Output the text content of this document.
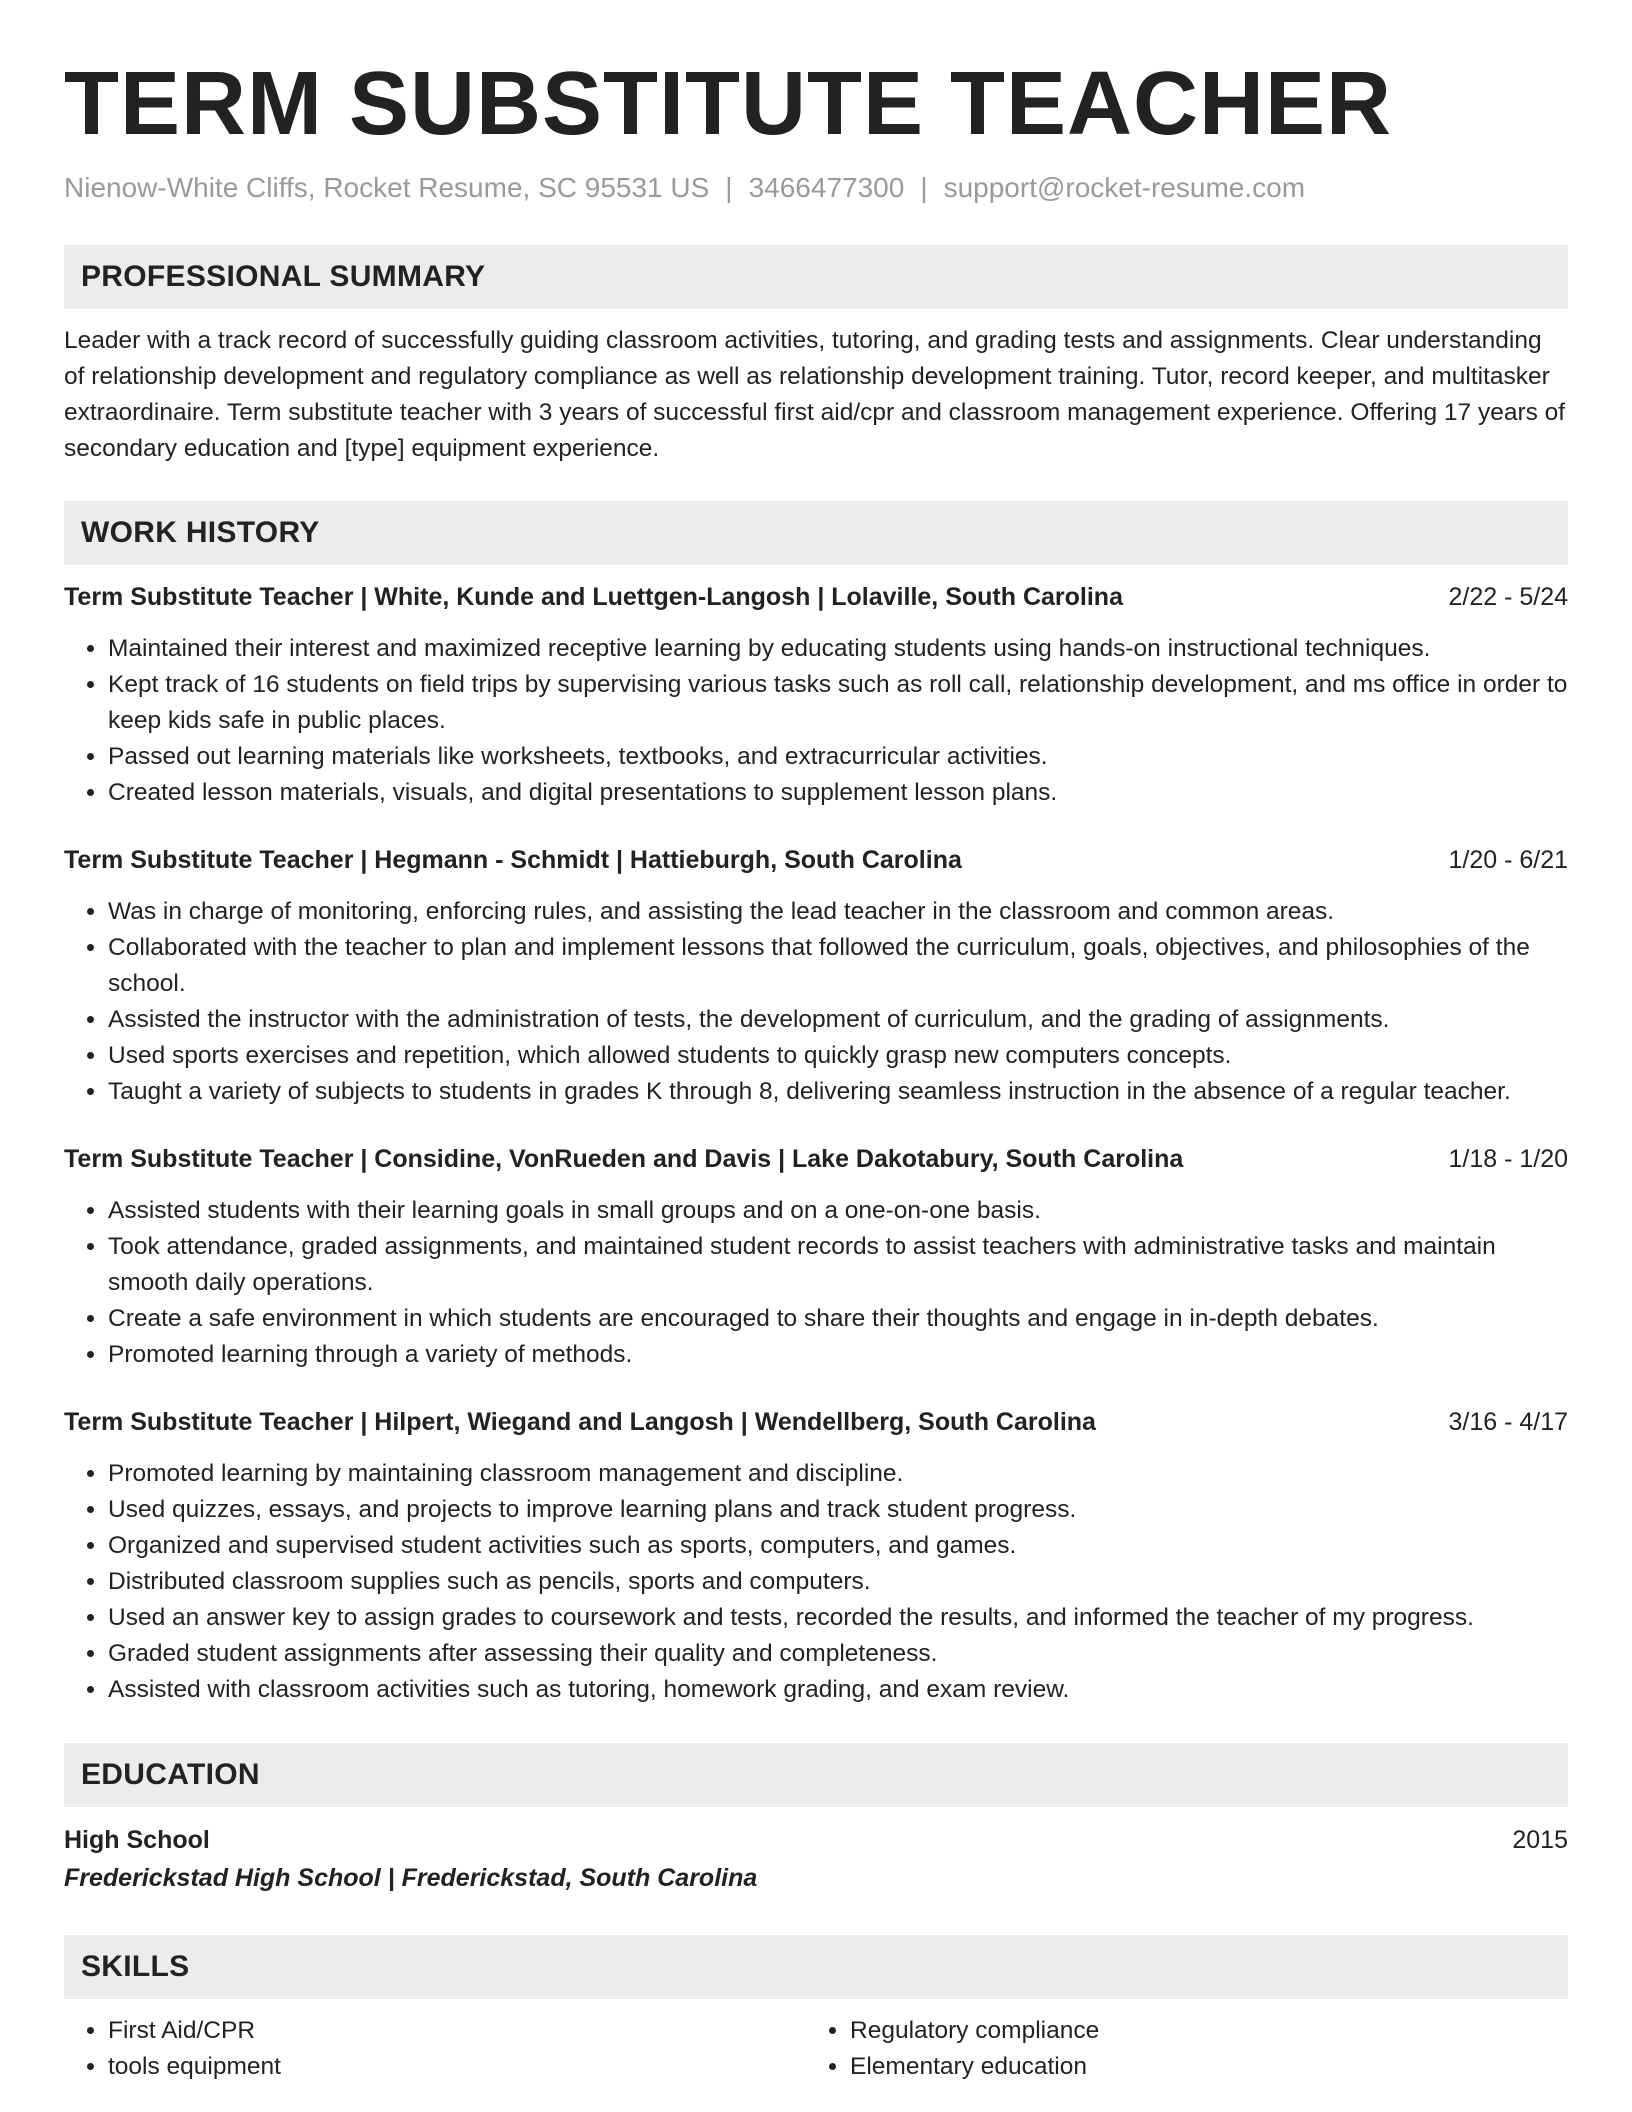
TERM SUBSTITUTE TEACHER
Nienow-White Cliffs, Rocket Resume, SC 95531 US | 3466477300 | support@rocket-resume.com
PROFESSIONAL SUMMARY

Leader with a track record of successfully guiding classroom activities, tutoring, and grading tests and assignments. Clear understanding of relationship development and regulatory compliance as well as relationship development training. Tutor, record keeper, and multitasker extraordinaire. Term substitute teacher with 3 years of successful first aid/cpr and classroom management experience. Offering 17 years of secondary education and [type] equipment experience.

WORK HISTORY
Term Substitute Teacher | White, Kunde and Luettgen-Langosh | Lolaville, South Carolina	2/22 - 5/24
• Maintained their interest and maximized receptive learning by educating students using hands-on instructional techniques.
• Kept track of 16 students on field trips by supervising various tasks such as roll call, relationship development, and ms office in order to keep kids safe in public places.
• Passed out learning materials like worksheets, textbooks, and extracurricular activities.
• Created lesson materials, visuals, and digital presentations to supplement lesson plans.
Term Substitute Teacher | Hegmann - Schmidt | Hattieburgh, South Carolina	1/20 - 6/21
• Was in charge of monitoring, enforcing rules, and assisting the lead teacher in the classroom and common areas.
• Collaborated with the teacher to plan and implement lessons that followed the curriculum, goals, objectives, and philosophies of the school.
• Assisted the instructor with the administration of tests, the development of curriculum, and the grading of assignments.
• Used sports exercises and repetition, which allowed students to quickly grasp new computers concepts.
• Taught a variety of subjects to students in grades K through 8, delivering seamless instruction in the absence of a regular teacher.
Term Substitute Teacher | Considine, VonRueden and Davis | Lake Dakotabury, South Carolina	1/18 - 1/20
• Assisted students with their learning goals in small groups and on a one-on-one basis.
• Took attendance, graded assignments, and maintained student records to assist teachers with administrative tasks and maintain smooth daily operations.
• Create a safe environment in which students are encouraged to share their thoughts and engage in in-depth debates.
• Promoted learning through a variety of methods.
Term Substitute Teacher | Hilpert, Wiegand and Langosh | Wendellberg, South Carolina	3/16 - 4/17
• Promoted learning by maintaining classroom management and discipline.
• Used quizzes, essays, and projects to improve learning plans and track student progress.
• Organized and supervised student activities such as sports, computers, and games.
• Distributed classroom supplies such as pencils, sports and computers.
• Used an answer key to assign grades to coursework and tests, recorded the results, and informed the teacher of my progress.
• Graded student assignments after assessing their quality and completeness.
• Assisted with classroom activities such as tutoring, homework grading, and exam review.
EDUCATION
High School	2015
Frederickstad High School | Frederickstad, South Carolina
SKILLS
• First Aid/CPR
• tools equipment
• Regulatory compliance
• Elementary education
